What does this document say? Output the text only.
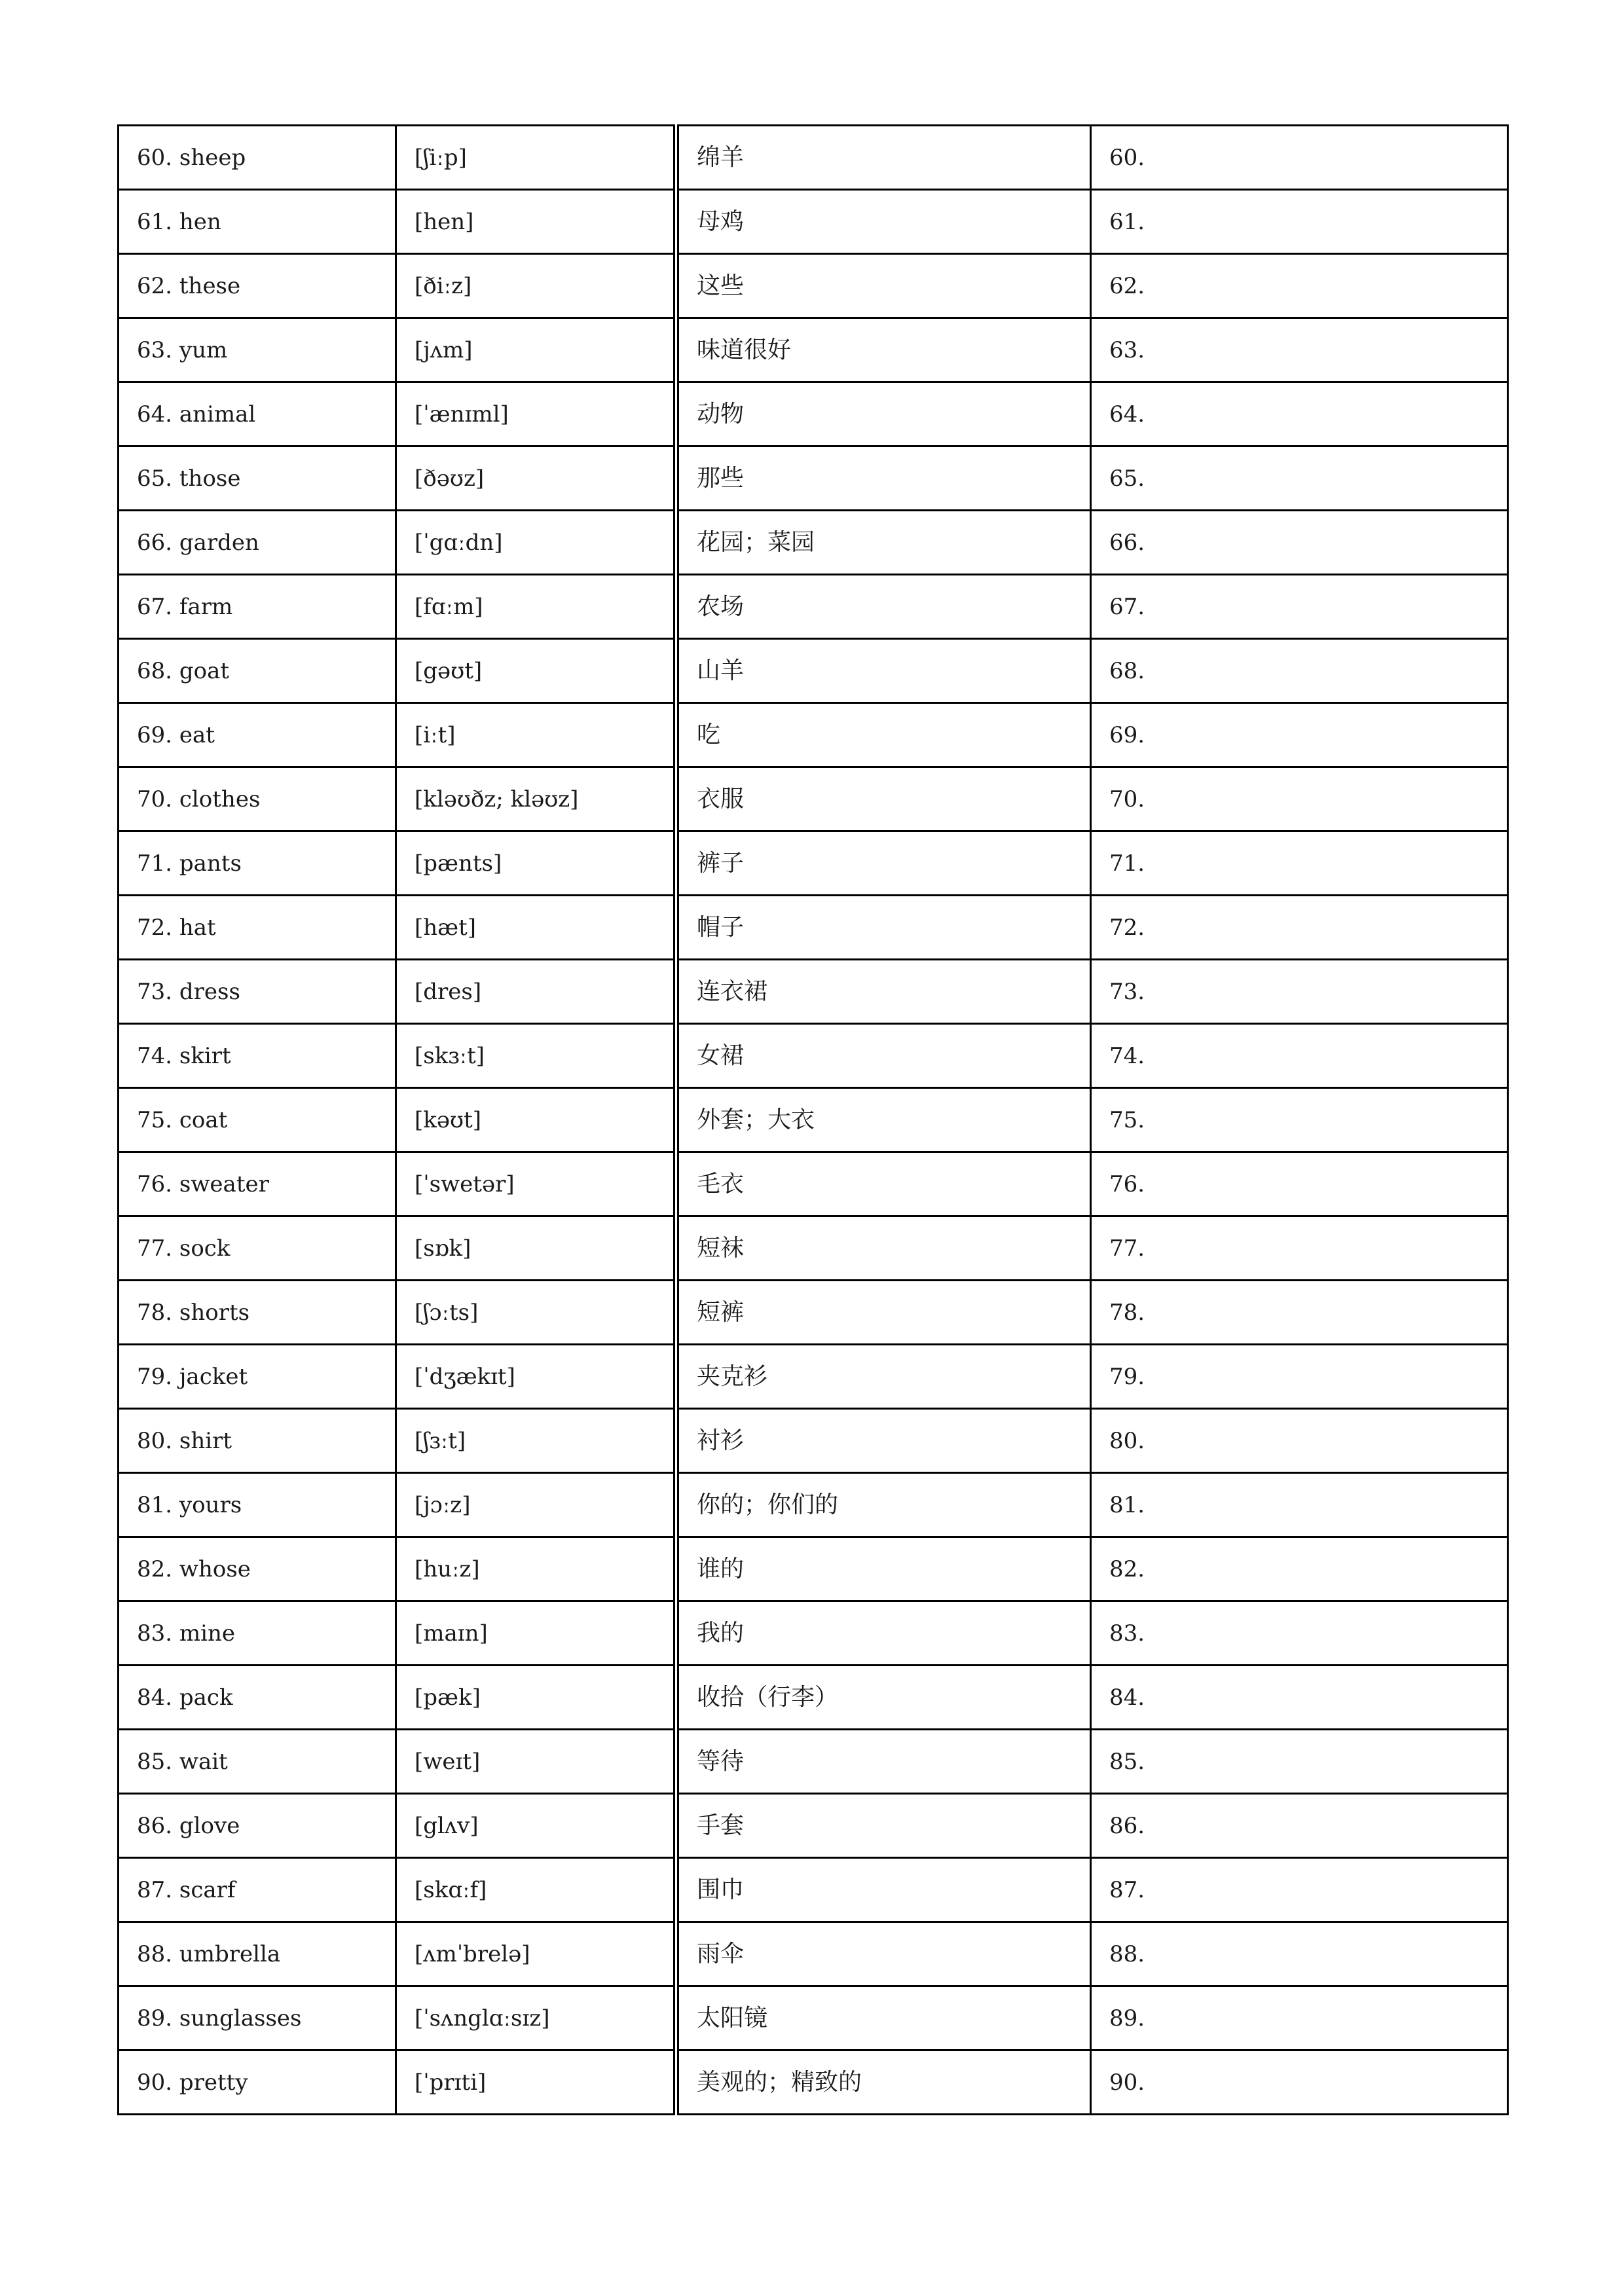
60. sheep	[ʃiːp]	绵羊	60.
61. hen	[hen]	母鸡	61.
62. these	[ðiːz]	这些	62.
63. yum	[jʌm]	味道很好	63.
64. animal	[ˈænɪml]	动物	64.
65. those	[ðəʊz]	那些	65.
66. garden	[ˈgɑːdn]	花园；菜园	66.
67. farm	[fɑːm]	农场	67.
68. goat	[gəʊt]	山羊	68.
69. eat	[iːt]	吃	69.
70. clothes	[kləʊðz; kləʊz]	衣服	70.
71. pants	[pænts]	裤子	71.
72. hat	[hæt]	帽子	72.
73. dress	[dres]	连衣裙	73.
74. skirt	[skɜːt]	女裙	74.
75. coat	[kəʊt]	外套；大衣	75.
76. sweater	[ˈswetər]	毛衣	76.
77. sock	[sɒk]	短袜	77.
78. shorts	[ʃɔːts]	短裤	78.
79. jacket	[ˈdʒækɪt]	夹克衫	79.
80. shirt	[ʃɜːt]	衬衫	80.
81. yours	[jɔːz]	你的；你们的	81.
82. whose	[huːz]	谁的	82.
83. mine	[maɪn]	我的	83.
84. pack	[pæk]	收拾（行李）	84.
85. wait	[weɪt]	等待	85.
86. glove	[glʌv]	手套	86.
87. scarf	[skɑːf]	围巾	87.
88. umbrella	[ʌmˈbrelə]	雨伞	88.
89. sunglasses	[ˈsʌnglɑːsɪz]	太阳镜	89.
90. pretty	[ˈprɪti]	美观的；精致的	90.
